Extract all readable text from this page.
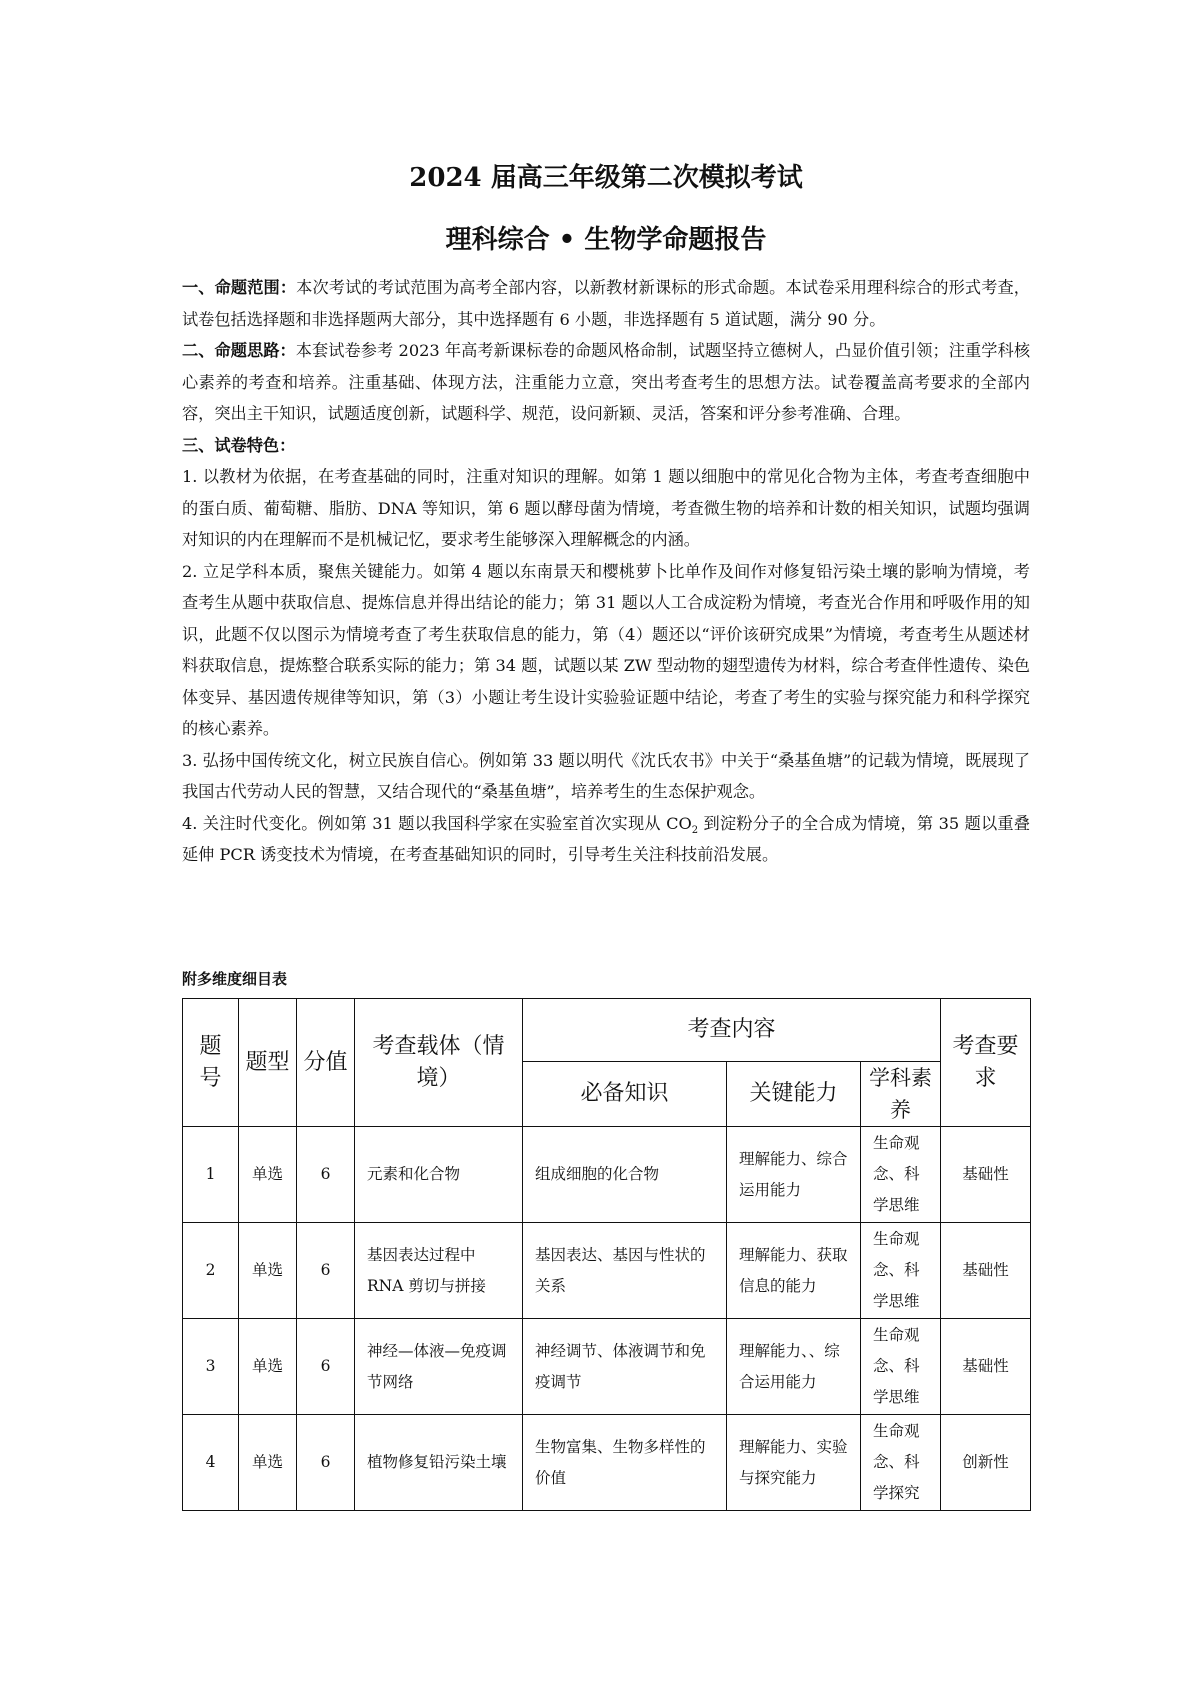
2024 届高三年级第二次模拟考试
理科综合 • 生物学命题报告

一、命题范围：本次考试的考试范围为高考全部内容，以新教材新课标的形式命题。本试卷采用理科综合的形式考查，试卷包括选择题和非选择题两大部分，其中选择题有 6 小题，非选择题有 5 道试题，满分 90 分。

二、命题思路：本套试卷参考 2023 年高考新课标卷的命题风格命制，试题坚持立德树人，凸显价值引领；注重学科核心素养的考查和培养。注重基础、体现方法，注重能力立意，突出考查考生的思想方法。试卷覆盖高考要求的全部内容，突出主干知识，试题适度创新，试题科学、规范，设问新颖、灵活，答案和评分参考准确、合理。

三、试卷特色：

1. 以教材为依据，在考查基础的同时，注重对知识的理解。如第 1 题以细胞中的常见化合物为主体，考查考查细胞中的蛋白质、葡萄糖、脂肪、DNA 等知识，第 6 题以酵母菌为情境，考查微生物的培养和计数的相关知识，试题均强调对知识的内在理解而不是机械记忆，要求考生能够深入理解概念的内涵。

2. 立足学科本质，聚焦关键能力。如第 4 题以东南景天和樱桃萝卜比单作及间作对修复铅污染土壤的影响为情境，考查考生从题中获取信息、提炼信息并得出结论的能力；第 31 题以人工合成淀粉为情境，考查光合作用和呼吸作用的知识，此题不仅以图示为情境考查了考生获取信息的能力，第（4）题还以“评价该研究成果”为情境，考查考生从题述材料获取信息，提炼整合联系实际的能力；第 34 题，试题以某 ZW 型动物的翅型遗传为材料，综合考查伴性遗传、染色体变异、基因遗传规律等知识，第（3）小题让考生设计实验验证题中结论，考查了考生的实验与探究能力和科学探究的核心素养。

3. 弘扬中国传统文化，树立民族自信心。例如第 33 题以明代《沈氏农书》中关于“桑基鱼塘”的记载为情境，既展现了我国古代劳动人民的智慧，又结合现代的“桑基鱼塘”，培养考生的生态保护观念。

4. 关注时代变化。例如第 31 题以我国科学家在实验室首次实现从 $CO_2$ 到淀粉分子的全合成为情境，第 35 题以重叠延伸 PCR 诱变技术为情境，在考查基础知识的同时，引导考生关注科技前沿发展。

附多维度细目表
题号	题型	分值	考查载体（情境）	考查内容			考查要求
				必备知识	关键能力	学科素养	
1	单选	6	元素和化合物	组成细胞的化合物	理解能力、综合运用能力	生命观念、科学思维	基础性
2	单选	6	基因表达过程中 RNA 剪切与拼接	基因表达、基因与性状的关系	理解能力、获取信息的能力	生命观念、科学思维	基础性
3	单选	6	神经—体液—免疫调节网络	神经调节、体液调节和免疫调节	理解能力、、综合运用能力	生命观念、科学思维	基础性
4	单选	6	植物修复铅污染土壤	生物富集、生物多样性的价值	理解能力、实验与探究能力	生命观念、科学探究	创新性
